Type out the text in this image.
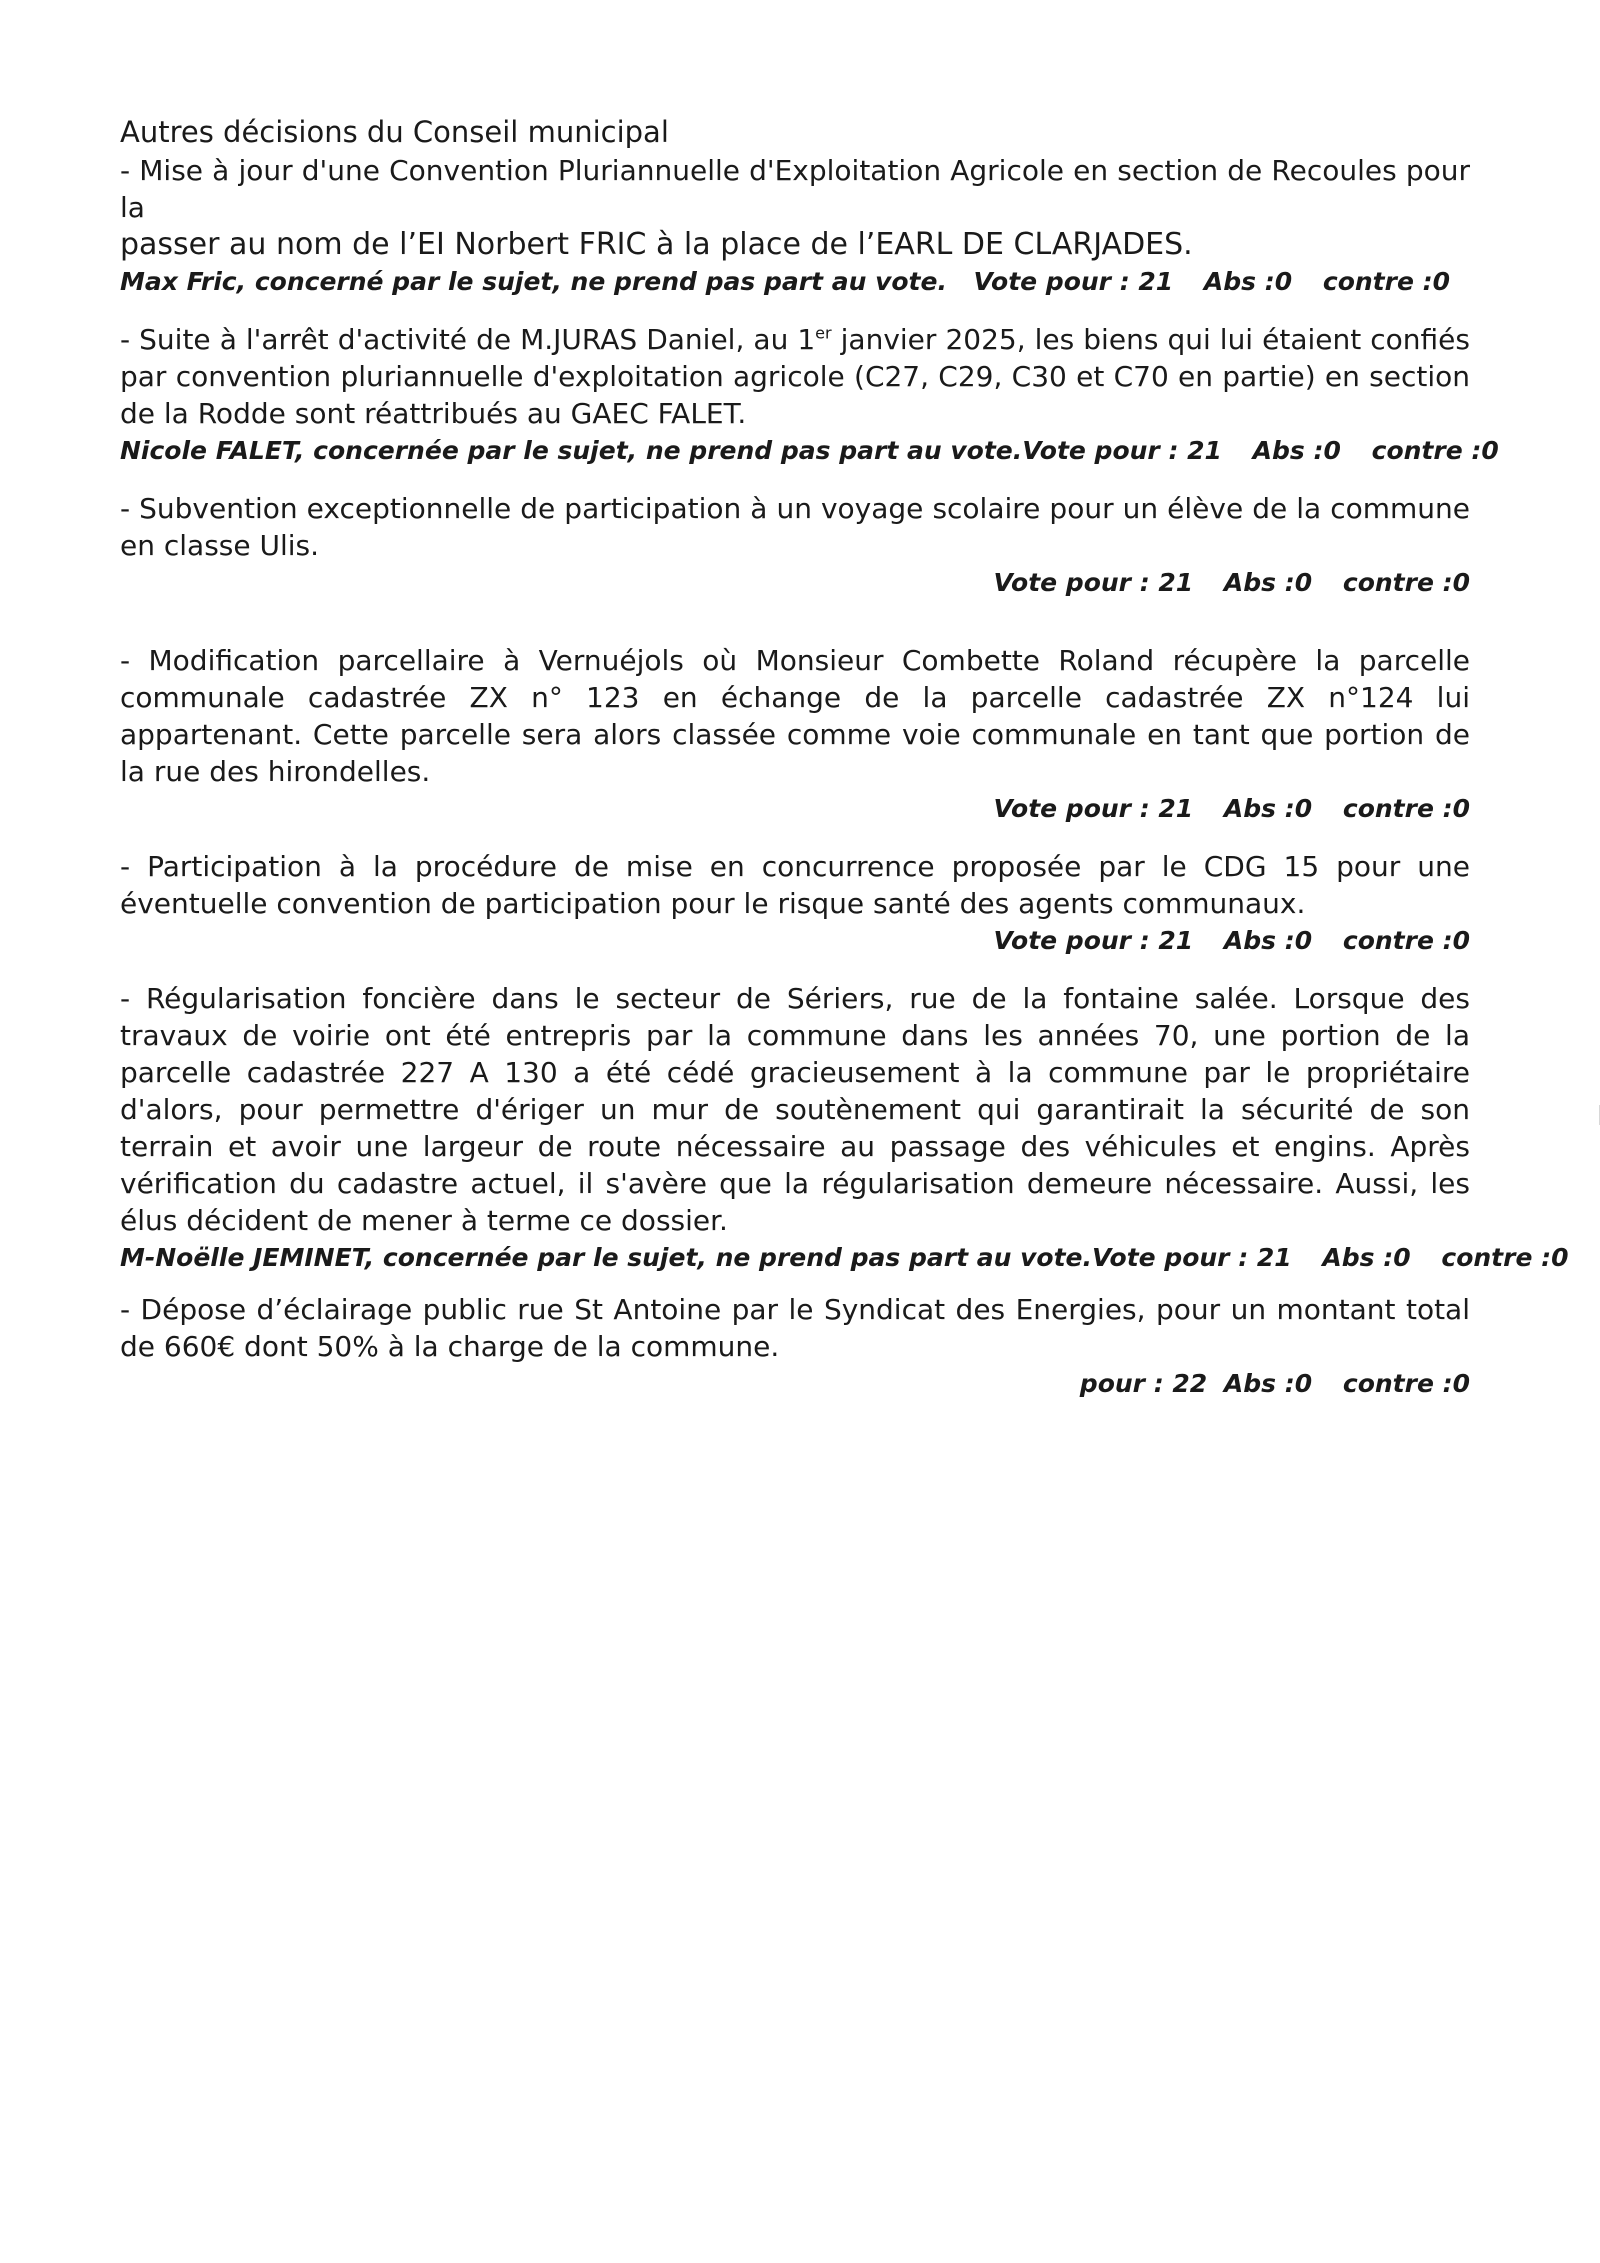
Autres décisions du Conseil municipal

- Mise à jour d'une Convention Pluriannuelle d'Exploitation Agricole en section de Recoules pour la

passer au nom de l’EI Norbert FRIC à la place de l’EARL DE CLARJADES.

Max Fric, concerné par le sujet, ne prend pas part au vote. Vote pour : 21 Abs :0 contre :0

- Suite à l'arrêt d'activité de M.JURAS Daniel, au 1er janvier 2025, les biens qui lui étaient confiés par convention pluriannuelle d'exploitation agricole (C27, C29, C30 et C70 en partie) en section de la Rodde sont réattribués au GAEC FALET.

Nicole FALET, concernée par le sujet, ne prend pas part au vote. Vote pour : 21 Abs :0 contre :0

- Subvention exceptionnelle de participation à un voyage scolaire pour un élève de la commune en classe Ulis.

Vote pour : 21 Abs :0 contre :0

- Modification parcellaire à Vernuéjols où Monsieur Combette Roland récupère la parcelle communale cadastrée ZX n° 123 en échange de la parcelle cadastrée ZX n°124 lui appartenant. Cette parcelle sera alors classée comme voie communale en tant que portion de la rue des hirondelles.

Vote pour : 21 Abs :0 contre :0

- Participation à la procédure de mise en concurrence proposée par le CDG 15 pour une éventuelle convention de participation pour le risque santé des agents communaux.

Vote pour : 21 Abs :0 contre :0

- Régularisation foncière dans le secteur de Sériers, rue de la fontaine salée. Lorsque des travaux de voirie ont été entrepris par la commune dans les années 70, une portion de la parcelle cadastrée 227 A 130 a été cédé gracieusement à la commune par le propriétaire d'alors, pour permettre d'ériger un mur de soutènement qui garantirait la sécurité de son terrain et avoir une largeur de route nécessaire au passage des véhicules et engins. Après vérification du cadastre actuel, il s'avère que la régularisation demeure nécessaire. Aussi, les élus décident de mener à terme ce dossier.

M-Noëlle JEMINET, concernée par le sujet, ne prend pas part au vote. Vote pour : 21 Abs :0 contre :0

- Dépose d’éclairage public rue St Antoine par le Syndicat des Energies, pour un montant total de 660€ dont 50% à la charge de la commune.

pour : 22 Abs :0 contre :0
